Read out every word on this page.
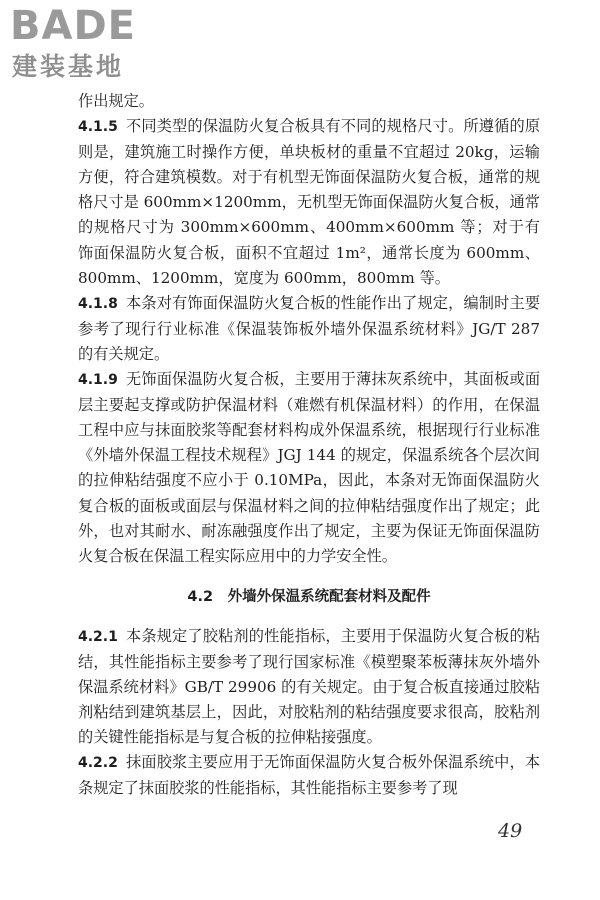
BADE
建装基地

作出规定。

4.1.5 不同类型的保温防火复合板具有不同的规格尺寸。所遵循的原则是，建筑施工时操作方便，单块板材的重量不宜超过 20kg，运输方便，符合建筑模数。对于有机型无饰面保温防火复合板，通常的规格尺寸是 600mm×1200mm，无机型无饰面保温防火复合板，通常的规格尺寸为 300mm×600mm、400mm×600mm 等；对于有饰面保温防火复合板，面积不宜超过 1m²，通常长度为 600mm、800mm、1200mm，宽度为 600mm，800mm 等。

4.1.8 本条对有饰面保温防火复合板的性能作出了规定，编制时主要参考了现行行业标准《保温装饰板外墙外保温系统材料》JG/T 287 的有关规定。

4.1.9 无饰面保温防火复合板，主要用于薄抹灰系统中，其面板或面层主要起支撑或防护保温材料（难燃有机保温材料）的作用，在保温工程中应与抹面胶浆等配套材料构成外保温系统，根据现行行业标准《外墙外保温工程技术规程》JGJ 144 的规定，保温系统各个层次间的拉伸粘结强度不应小于 0.10MPa，因此，本条对无饰面保温防火复合板的面板或面层与保温材料之间的拉伸粘结强度作出了规定；此外，也对其耐水、耐冻融强度作出了规定，主要为保证无饰面保温防火复合板在保温工程实际应用中的力学安全性。

4.2　外墙外保温系统配套材料及配件

4.2.1 本条规定了胶粘剂的性能指标，主要用于保温防火复合板的粘结，其性能指标主要参考了现行国家标准《模塑聚苯板薄抹灰外墙外保温系统材料》GB/T 29906 的有关规定。由于复合板直接通过胶粘剂粘结到建筑基层上，因此，对胶粘剂的粘结强度要求很高，胶粘剂的关键性能指标是与复合板的拉伸粘接强度。

4.2.2 抹面胶浆主要应用于无饰面保温防火复合板外保温系统中，本条规定了抹面胶浆的性能指标，其性能指标主要参考了现

49
